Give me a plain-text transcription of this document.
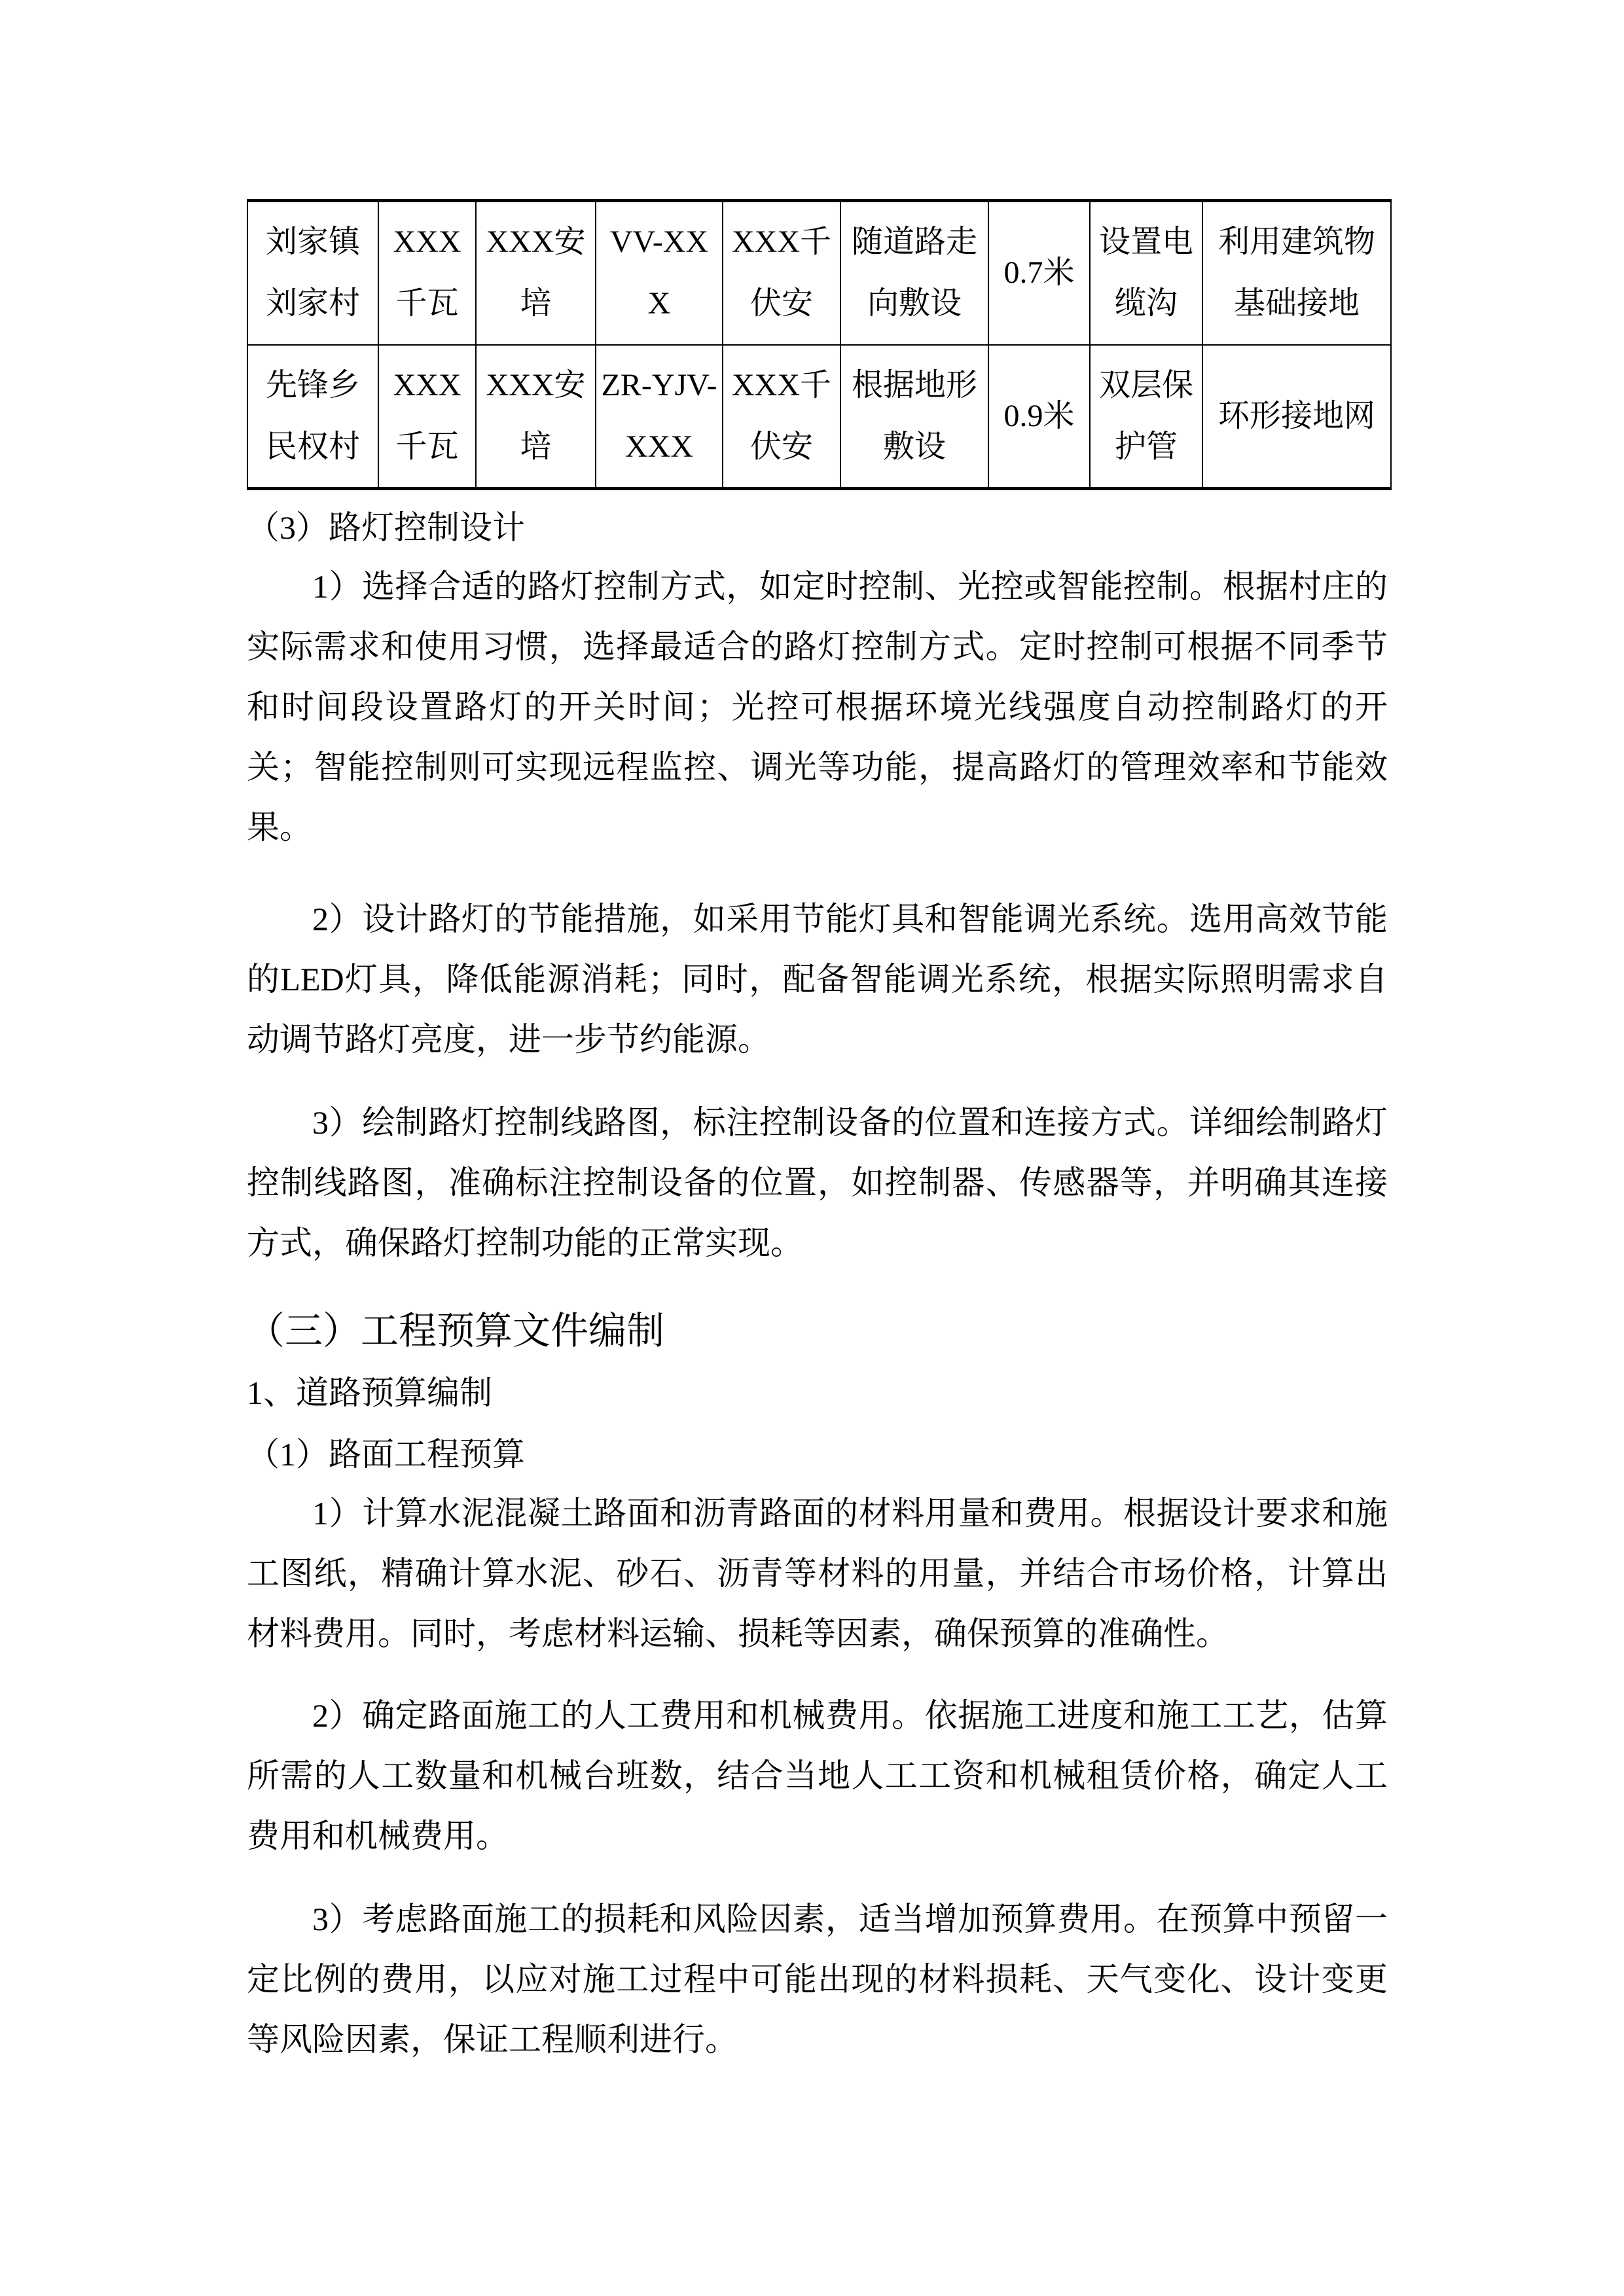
刘家镇刘家村	XXX千瓦	XXX安培	VV-XXX	XXX千伏安	随道路走向敷设	0.7米	设置电缆沟	利用建筑物基础接地
先锋乡民权村	XXX千瓦	XXX安培	ZR-YJV-XXX	XXX千伏安	根据地形敷设	0.9米	双层保护管	环形接地网
（3）路灯控制设计
1）选择合适的路灯控制方式，如定时控制、光控或智能控制。根据村庄的实际需求和使用习惯，选择最适合的路灯控制方式。定时控制可根据不同季节和时间段设置路灯的开关时间；光控可根据环境光线强度自动控制路灯的开关；智能控制则可实现远程监控、调光等功能，提高路灯的管理效率和节能效果。
2）设计路灯的节能措施，如采用节能灯具和智能调光系统。选用高效节能的LED灯具，降低能源消耗；同时，配备智能调光系统，根据实际照明需求自动调节路灯亮度，进一步节约能源。
3）绘制路灯控制线路图，标注控制设备的位置和连接方式。详细绘制路灯控制线路图，准确标注控制设备的位置，如控制器、传感器等，并明确其连接方式，确保路灯控制功能的正常实现。
（三）工程预算文件编制
1、道路预算编制
（1）路面工程预算
1）计算水泥混凝土路面和沥青路面的材料用量和费用。根据设计要求和施工图纸，精确计算水泥、砂石、沥青等材料的用量，并结合市场价格，计算出材料费用。同时，考虑材料运输、损耗等因素，确保预算的准确性。
2）确定路面施工的人工费用和机械费用。依据施工进度和施工工艺，估算所需的人工数量和机械台班数，结合当地人工工资和机械租赁价格，确定人工费用和机械费用。
3）考虑路面施工的损耗和风险因素，适当增加预算费用。在预算中预留一定比例的费用，以应对施工过程中可能出现的材料损耗、天气变化、设计变更等风险因素，保证工程顺利进行。
